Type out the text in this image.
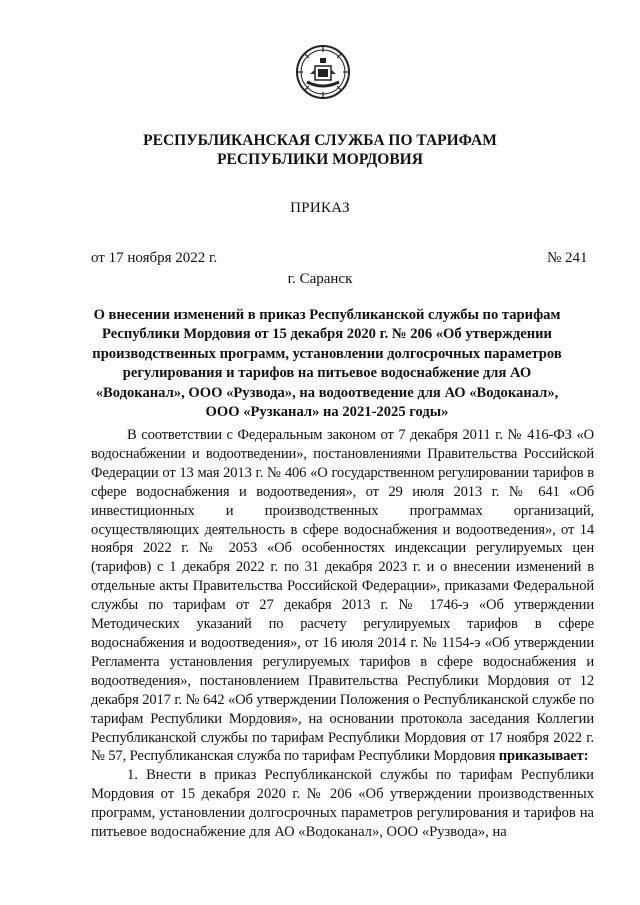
РЕСПУБЛИКАНСКАЯ СЛУЖБА ПО ТАРИФАМ
РЕСПУБЛИКИ МОРДОВИЯ
ПРИКАЗ
от 17 ноября 2022 г.	№ 241
г. Саранск
О внесении изменений в приказ Республиканской службы по тарифам Республики Мордовия от 15 декабря 2020 г. № 206 «Об утверждении производственных программ, установлении долгосрочных параметров регулирования и тарифов на питьевое водоснабжение для АО «Водоканал», ООО «Рузвода», на водоотведение для АО «Водоканал», ООО «Рузканал» на 2021-2025 годы»

В соответствии с Федеральным законом от 7 декабря 2011 г. № 416-ФЗ «О водоснабжении и водоотведении», постановлениями Правительства Российской Федерации от 13 мая 2013 г. № 406 «О государственном регулировании тарифов в сфере водоснабжения и водоотведения», от 29 июля 2013 г. № 641 «Об инвестиционных и производственных программах организаций, осуществляющих деятельность в сфере водоснабжения и водоотведения», от 14 ноября 2022 г. № 2053 «Об особенностях индексации регулируемых цен (тарифов) с 1 декабря 2022 г. по 31 декабря 2023 г. и о внесении изменений в отдельные акты Правительства Российской Федерации», приказами Федеральной службы по тарифам от 27 декабря 2013 г. № 1746-э «Об утверждении Методических указаний по расчету регулируемых тарифов в сфере водоснабжения и водоотведения», от 16 июля 2014 г. № 1154-э «Об утверждении Регламента установления регулируемых тарифов в сфере водоснабжения и водоотведения», постановлением Правительства Республики Мордовия от 12 декабря 2017 г. № 642 «Об утверждении Положения о Республиканской службе по тарифам Республики Мордовия», на основании протокола заседания Коллегии Республиканской службы по тарифам Республики Мордовия от 17 ноября 2022 г. № 57, Республиканская служба по тарифам Республики Мордовия приказывает:

1. Внести в приказ Республиканской службы по тарифам Республики Мордовия от 15 декабря 2020 г. № 206 «Об утверждении производственных программ, установлении долгосрочных параметров регулирования и тарифов на питьевое водоснабжение для АО «Водоканал», ООО «Рузвода», на
